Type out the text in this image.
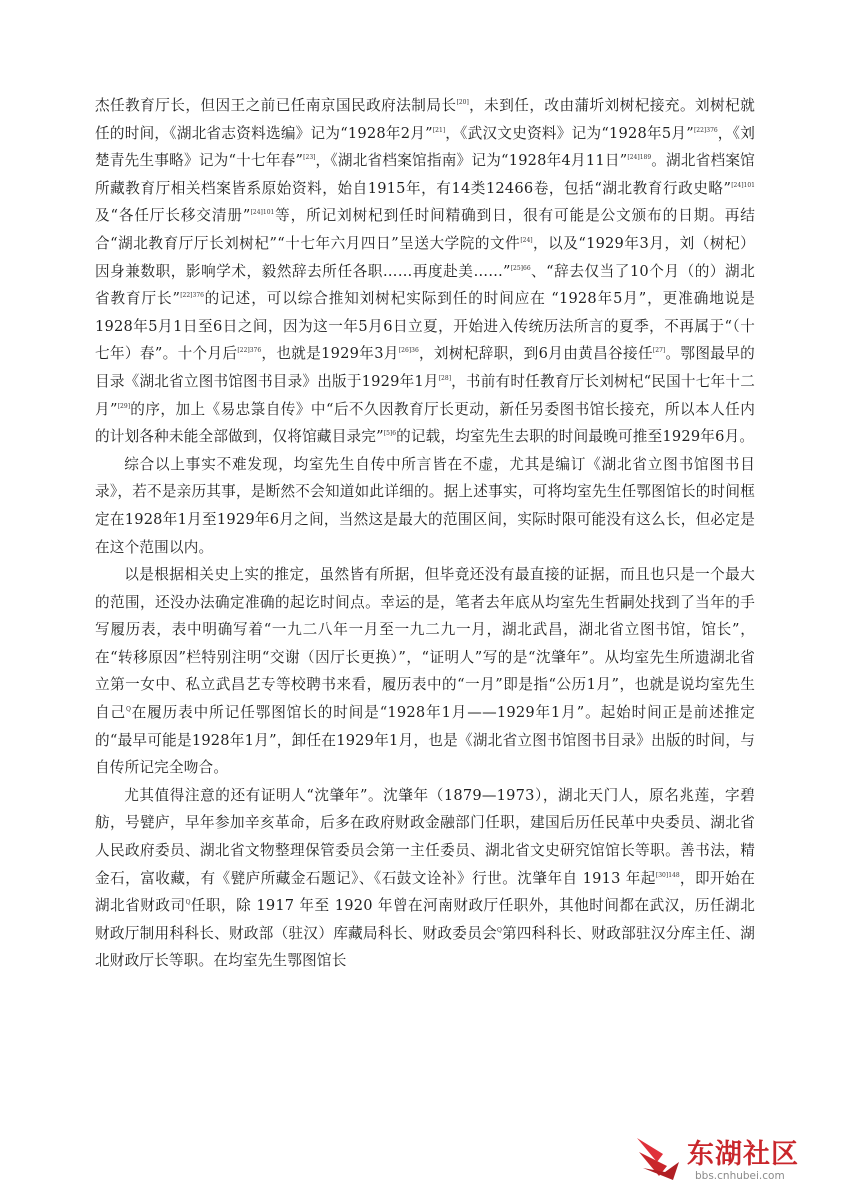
杰任教育厅长，但因王之前已任南京国民政府法制局长[20]，未到任，改由蒲圻刘树杞接充。刘树杞就任的时间，《湖北省志资料选编》记为“1928年2月”[21]，《武汉文史资料》记为“1928年5月”$^{[22]376}$，《刘楚青先生事略》记为“十七年春”[23]，《湖北省档案馆指南》记为“1928年4月11日”$^{[24]189}$。湖北省档案馆所藏教育厅相关档案皆系原始资料，始自1915年，有14类12466卷，包括“湖北教育行政史略”$^{[24]101}$及“各任厅长移交清册”$^{[24]101}$等，所记刘树杞到任时间精确到日，很有可能是公文颁布的日期。再结合“湖北教育厅厅长刘树杞”“十七年六月四日”呈送大学院的文件[24]，以及“1929年3月，刘（树杞）因身兼数职，影响学术，毅然辞去所任各职……再度赴美……”$^{[25]66}$、“辞去仅当了10个月（的）湖北省教育厅长”$^{[22]376}$的记述，可以综合推知刘树杞实际到任的时间应在 “1928年5月”，更准确地说是1928年5月1日至6日之间，因为这一年5月6日立夏，开始进入传统历法所言的夏季，不再属于“（十七年）春”。十个月后$^{[22]376}$，也就是1929年3月$^{[26]36}$，刘树杞辞职，到6月由黄昌谷接任[27]。鄂图最早的目录《湖北省立图书馆图书目录》出版于1929年1月[28]，书前有时任教育厅长刘树杞“民国十七年十二月”[29]的序，加上《易忠箓自传》中“后不久因教育厅长更动，新任另委图书馆长接充，所以本人任内的计划各种未能全部做到，仅将馆藏目录完”$^{[5]6}$的记载，均室先生去职的时间最晚可推至1929年6月。

综合以上事实不难发现，均室先生自传中所言皆在不虚，尤其是编订《湖北省立图书馆图书目录》，若不是亲历其事，是断然不会知道如此详细的。据上述事实，可将均室先生任鄂图馆长的时间框定在1928年1月至1929年6月之间，当然这是最大的范围区间，实际时限可能没有这么长，但必定是在这个范围以内。

以是根据相关史上实的推定，虽然皆有所据，但毕竟还没有最直接的证据，而且也只是一个最大的范围，还没办法确定准确的起讫时间点。幸运的是，笔者去年底从均室先生哲嗣处找到了当年的手写履历表，表中明确写着“一九二八年一月至一九二九一月，湖北武昌，湖北省立图书馆，馆长”，在“转移原因”栏特别注明“交谢（因厅长更换）”，“证明人”写的是“沈肇年”。从均室先生所遗湖北省立第一女中、私立武昌艺专等校聘书来看，履历表中的“一月”即是指“公历1月”，也就是说均室先生自己$^Q$在履历表中所记任鄂图馆长的时间是“1928年1月——1929年1月”。起始时间正是前述推定的“最早可能是1928年1月”，卸任在1929年1月，也是《湖北省立图书馆图书目录》出版的时间，与自传所记完全吻合。

尤其值得注意的还有证明人“沈肇年”。沈肇年（1879—1973），湖北天门人，原名兆莲，字碧舫，号甓庐，早年参加辛亥革命，后多在政府财政金融部门任职，建国后历任民革中央委员、湖北省人民政府委员、湖北省文物整理保管委员会第一主任委员、湖北省文史研究馆馆长等职。善书法，精金石，富收藏，有《甓庐所藏金石题记》、《石鼓文诠补》行世。沈肇年自 1913 年起$^{[30]148}$，即开始在湖北省财政司$^Q$任职，除 1917 年至 1920 年曾在河南财政厅任职外，其他时间都在武汉，历任湖北财政厅制用科科长、财政部（驻汉）库藏局科长、财政委员会$^Q$第四科科长、财政部驻汉分库主任、湖北财政厅长等职。在均室先生鄂图馆长

东湖社区
bbs.cnhubei.com
